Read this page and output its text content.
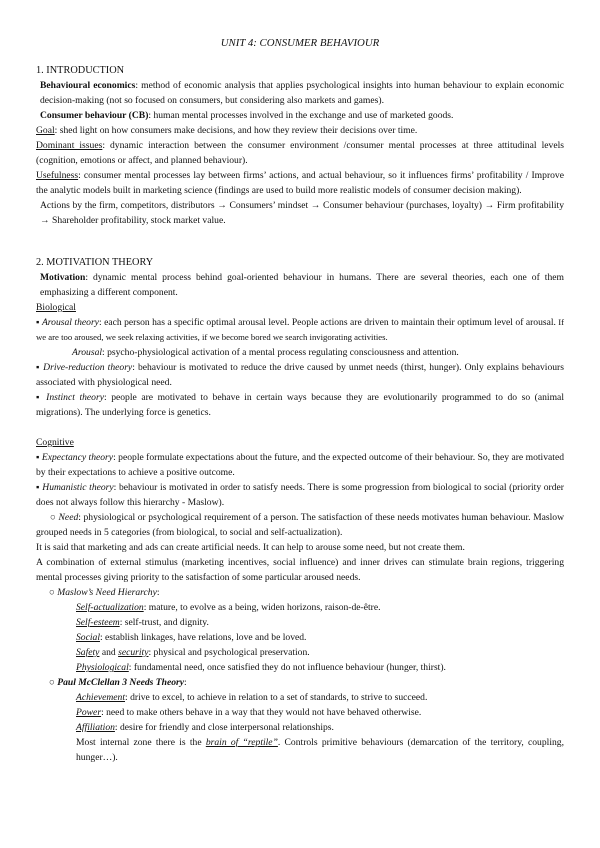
UNIT 4: CONSUMER BEHAVIOUR

1. INTRODUCTION

Behavioural economics: method of economic analysis that applies psychological insights into human behaviour to explain economic decision-making (not so focused on consumers, but considering also markets and games).

Consumer behaviour (CB): human mental processes involved in the exchange and use of marketed goods.

Goal: shed light on how consumers make decisions, and how they review their decisions over time.

Dominant issues: dynamic interaction between the consumer environment /consumer mental processes at three attitudinal levels (cognition, emotions or affect, and planned behaviour).

Usefulness: consumer mental processes lay between firms’ actions, and actual behaviour, so it influences firms’ profitability / Improve the analytic models built in marketing science (findings are used to build more realistic models of consumer decision making).

Actions by the firm, competitors, distributors → Consumers’ mindset → Consumer behaviour (purchases, loyalty) → Firm profitability → Shareholder profitability, stock market value.

2. MOTIVATION THEORY

Motivation: dynamic mental process behind goal-oriented behaviour in humans. There are several theories, each one of them emphasizing a different component.

Biological

▪ Arousal theory: each person has a specific optimal arousal level. People actions are driven to maintain their optimum level of arousal. If we are too aroused, we seek relaxing activities, if we become bored we search invigorating activities.

Arousal: psycho-physiological activation of a mental process regulating consciousness and attention.

▪ Drive-reduction theory: behaviour is motivated to reduce the drive caused by unmet needs (thirst, hunger). Only explains behaviours associated with physiological need.

▪ Instinct theory: people are motivated to behave in certain ways because they are evolutionarily programmed to do so (animal migrations). The underlying force is genetics.

Cognitive

▪ Expectancy theory: people formulate expectations about the future, and the expected outcome of their behaviour. So, they are motivated by their expectations to achieve a positive outcome.

▪ Humanistic theory: behaviour is motivated in order to satisfy needs. There is some progression from biological to social (priority order does not always follow this hierarchy - Maslow).

○ Need: physiological or psychological requirement of a person. The satisfaction of these needs motivates human behaviour. Maslow grouped needs in 5 categories (from biological, to social and self-actualization).

It is said that marketing and ads can create artificial needs. It can help to arouse some need, but not create them.

A combination of external stimulus (marketing incentives, social influence) and inner drives can stimulate brain regions, triggering mental processes giving priority to the satisfaction of some particular aroused needs.

○ Maslow’s Need Hierarchy:

Self-actualization: mature, to evolve as a being, widen horizons, raison-de-être.

Self-esteem: self-trust, and dignity.

Social: establish linkages, have relations, love and be loved.

Safety and security: physical and psychological preservation.

Physiological: fundamental need, once satisfied they do not influence behaviour (hunger, thirst).

○ Paul McClellan 3 Needs Theory:

Achievement: drive to excel, to achieve in relation to a set of standards, to strive to succeed.

Power: need to make others behave in a way that they would not have behaved otherwise.

Affiliation: desire for friendly and close interpersonal relationships.

Most internal zone there is the brain of “reptile”. Controls primitive behaviours (demarcation of the territory, coupling, hunger…).
